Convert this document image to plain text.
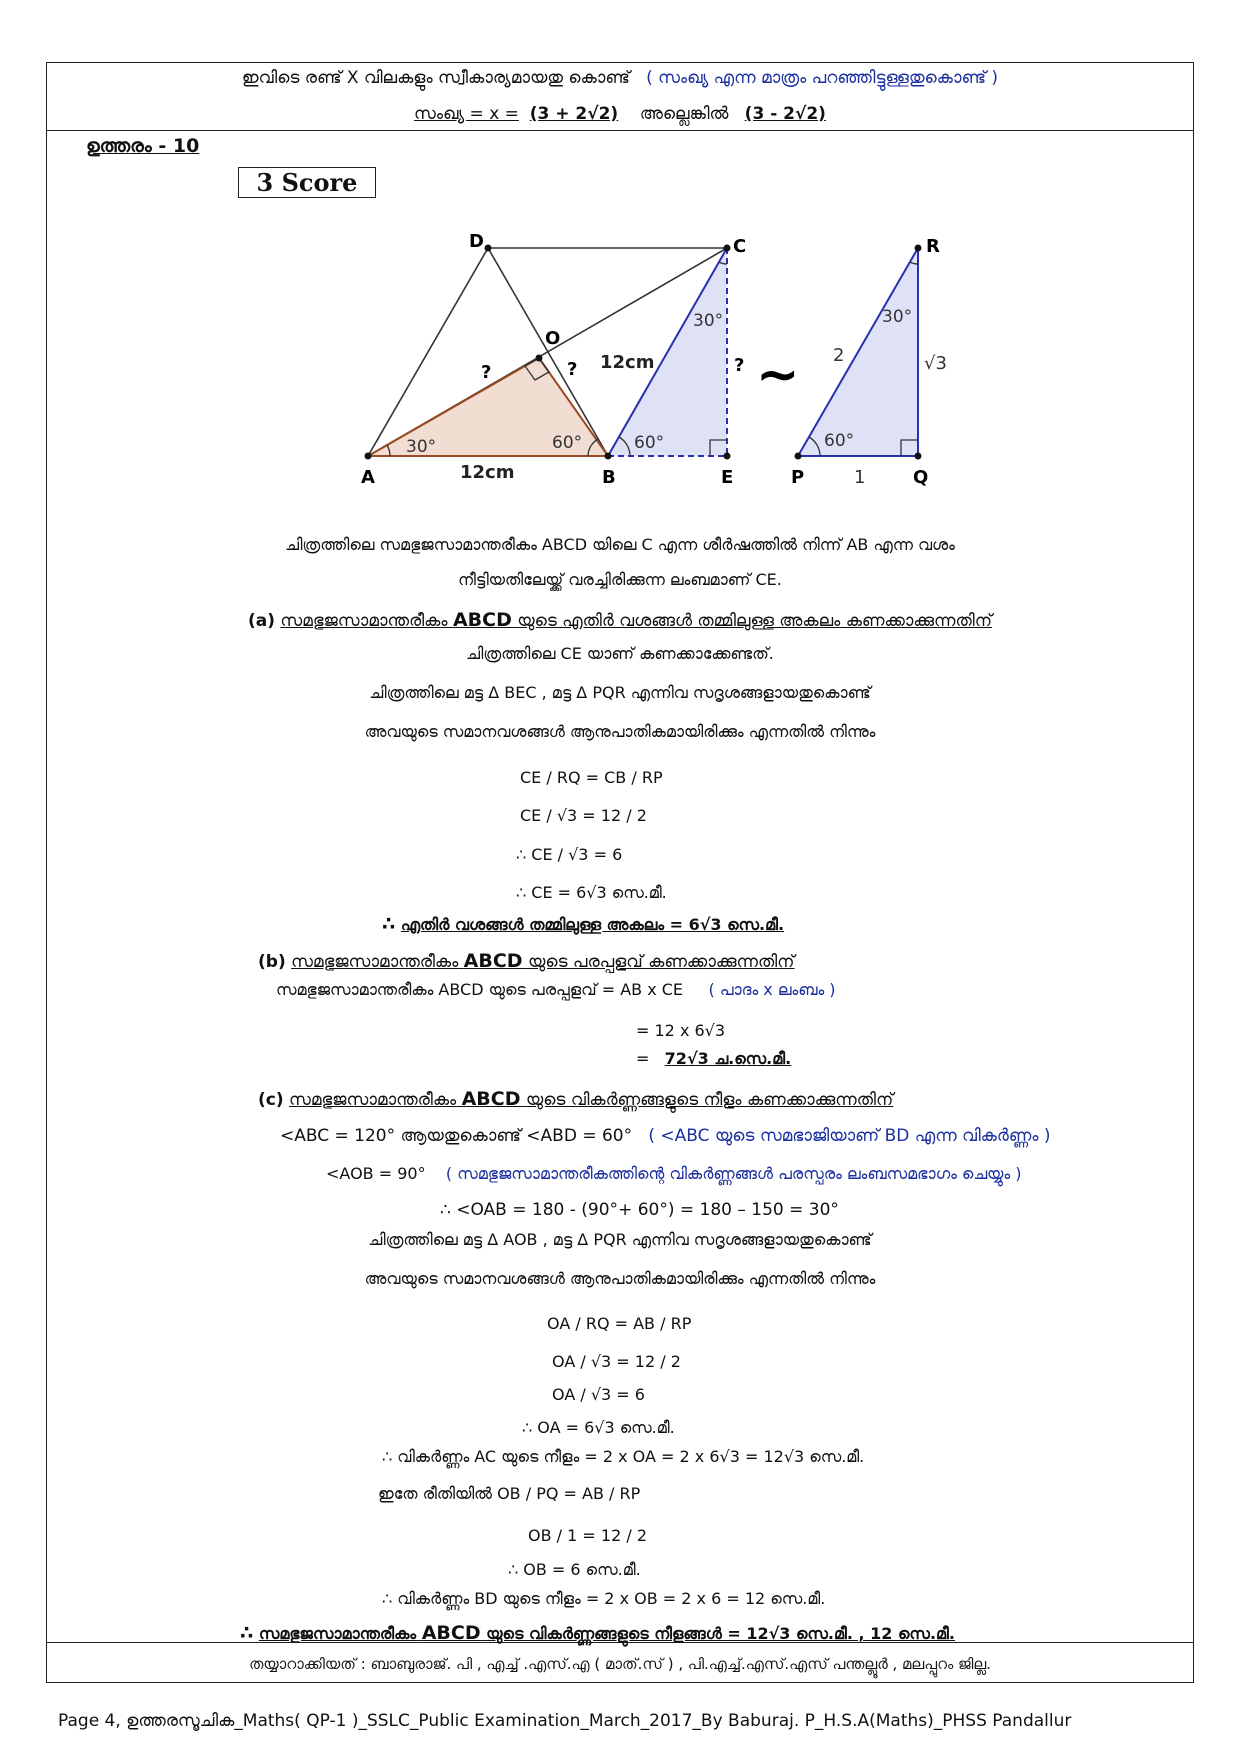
ഇവിടെ രണ്ട് X വിലകളും സ്വീകാര്യമായതു കൊണ്ട് ( സംഖ്യ എന്ന മാത്രം പറഞ്ഞിട്ടുള്ളതുകൊണ്ട് )
സംഖ്യ = x = (3 + 2√2) അല്ലെങ്കിൽ (3 - 2√2)
ഉത്തരം - 10
3 Score
A	B
C
D
E
O
P	Q
R
30°	60°	60°
30°
12cm
12cm
?	?	? ∼
30°
60°
2	√3
1
ചിത്രത്തിലെ സമഭുജസാമാന്തരീകം ABCD യിലെ C എന്ന ശീർഷത്തിൽ നിന്ന് AB എന്ന വശം
നീട്ടിയതിലേയ്ക്ക് വരച്ചിരിക്കുന്ന ലംബമാണ് CE.
(a) സമഭുജസാമാന്തരീകം ABCD യുടെ എതിർ വശങ്ങൾ തമ്മിലുള്ള അകലം കണക്കാക്കുന്നതിന്
ചിത്രത്തിലെ CE യാണ് കണക്കാക്കേണ്ടത്.
ചിത്രത്തിലെ മട്ട Δ BEC , മട്ട Δ PQR എന്നിവ സദൃശങ്ങളായതുകൊണ്ട്
അവയുടെ സമാനവശങ്ങൾ ആനുപാതികമായിരിക്കും എന്നതിൽ നിന്നും
CE / RQ = CB / RP
CE / √3 = 12 / 2
∴ CE / √3 = 6
∴ CE = 6√3 സെ.മീ.
∴ എതിർ വശങ്ങൾ തമ്മിലുള്ള അകലം = 6√3 സെ.മീ.
(b) സമഭുജസാമാന്തരീകം ABCD യുടെ പരപ്പളവ് കണക്കാക്കുന്നതിന്
സമഭുജസാമാന്തരീകം ABCD യുടെ പരപ്പളവ് = AB x CE ( പാദം x ലംബം )
= 12 x 6√3
= 72√3 ച.സെ.മീ.
(c) സമഭുജസാമാന്തരീകം ABCD യുടെ വികർണ്ണങ്ങളുടെ നീളം കണക്കാക്കുന്നതിന്
<ABC = 120° ആയതുകൊണ്ട് <ABD = 60° ( <ABC യുടെ സമഭാജിയാണ് BD എന്ന വികർണ്ണം )
<AOB = 90° ( സമഭുജസാമാന്തരീകത്തിന്റെ വികർണ്ണങ്ങൾ പരസ്പരം ലംബസമഭാഗം ചെയ്യും )
∴ <OAB = 180 - (90°+ 60°) = 180 – 150 = 30°
ചിത്രത്തിലെ മട്ട Δ AOB , മട്ട Δ PQR എന്നിവ സദൃശങ്ങളായതുകൊണ്ട്
അവയുടെ സമാനവശങ്ങൾ ആനുപാതികമായിരിക്കും എന്നതിൽ നിന്നും
OA / RQ = AB / RP
OA / √3 = 12 / 2
OA / √3 = 6
∴ OA = 6√3 സെ.മീ.
∴ വികർണ്ണം AC യുടെ നീളം = 2 x OA = 2 x 6√3 = 12√3 സെ.മീ.
ഇതേ രീതിയിൽ OB / PQ = AB / RP
OB / 1 = 12 / 2
∴ OB = 6 സെ.മീ.
∴ വികർണ്ണം BD യുടെ നീളം = 2 x OB = 2 x 6 = 12 സെ.മീ.
∴ സമഭുജസാമാന്തരീകം ABCD യുടെ വികർണ്ണങ്ങളുടെ നീളങ്ങൾ = 12√3 സെ.മീ. , 12 സെ.മീ.
തയ്യാറാക്കിയത് : ബാബുരാജ്. പി , എച്ച് .എസ്.എ ( മാത്.സ് ) , പി.എച്ച്.എസ്.എസ് പന്തല്ലൂർ , മലപ്പുറം ജില്ല.
Page 4, ഉത്തരസൂചിക_Maths( QP-1 )_SSLC_Public Examination_March_2017_By Baburaj. P_H.S.A(Maths)_PHSS Pandallur
